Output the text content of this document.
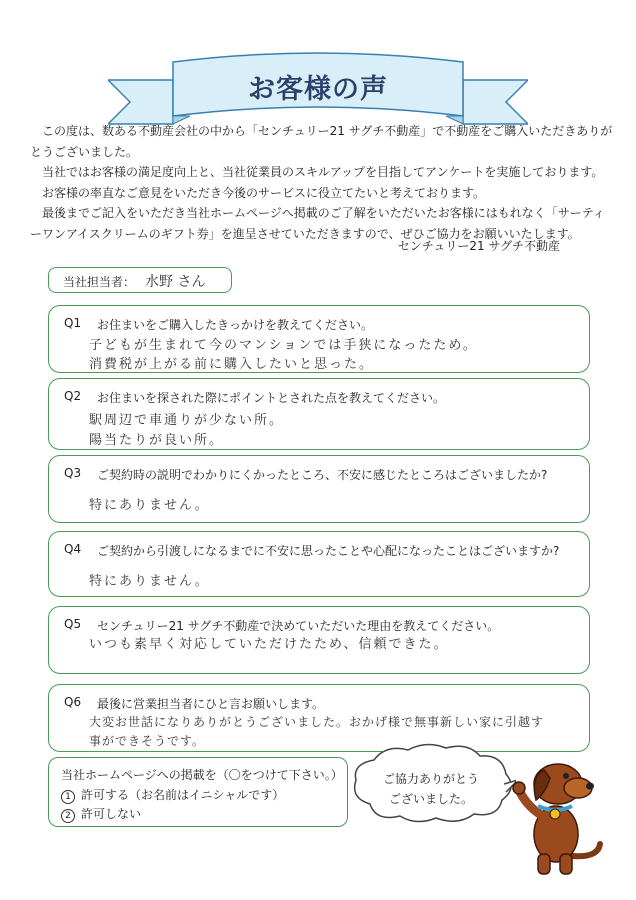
お客様の声

この度は、数ある不動産会社の中から「センチュリー21 サグチ不動産」で不動産をご購入いただきありがとうございました。

当社ではお客様の満足度向上と、当社従業員のスキルアップを目指してアンケートを実施しております。

お客様の率直なご意見をいただき今後のサービスに役立てたいと考えております。

最後までご記入をいただき当社ホームページへ掲載のご了解をいただいたお客様にはもれなく「サーティーワンアイスクリームのギフト券」を進呈させていただきますので、ぜひご協力をお願いいたします。

センチュリー21 サグチ不動産
当社担当者： 水野 さん
Q1 お住まいをご購入したきっかけを教えてください。
子どもが生まれて今のマンションでは手狭になったため。
消費税が上がる前に購入したいと思った。
Q2 お住まいを探された際にポイントとされた点を教えてください。
駅周辺で車通りが少ない所。
陽当たりが良い所。
Q3 ご契約時の説明でわかりにくかったところ、不安に感じたところはございましたか?
特にありません。
Q4 ご契約から引渡しになるまでに不安に思ったことや心配になったことはございますか?
特にありません。
Q5 センチュリー21 サグチ不動産で決めていただいた理由を教えてください。
いつも素早く対応していただけたため、信頼できた。
Q6 最後に営業担当者にひと言お願いします。
大変お世話になりありがとうございました。おかげ様で無事新しい家に引越す
事ができそうです。
当社ホームページへの掲載を（〇をつけて下さい。）
1 許可する（お名前はイニシャルです）
2 許可しない
ご協力ありがとう
ございました。
